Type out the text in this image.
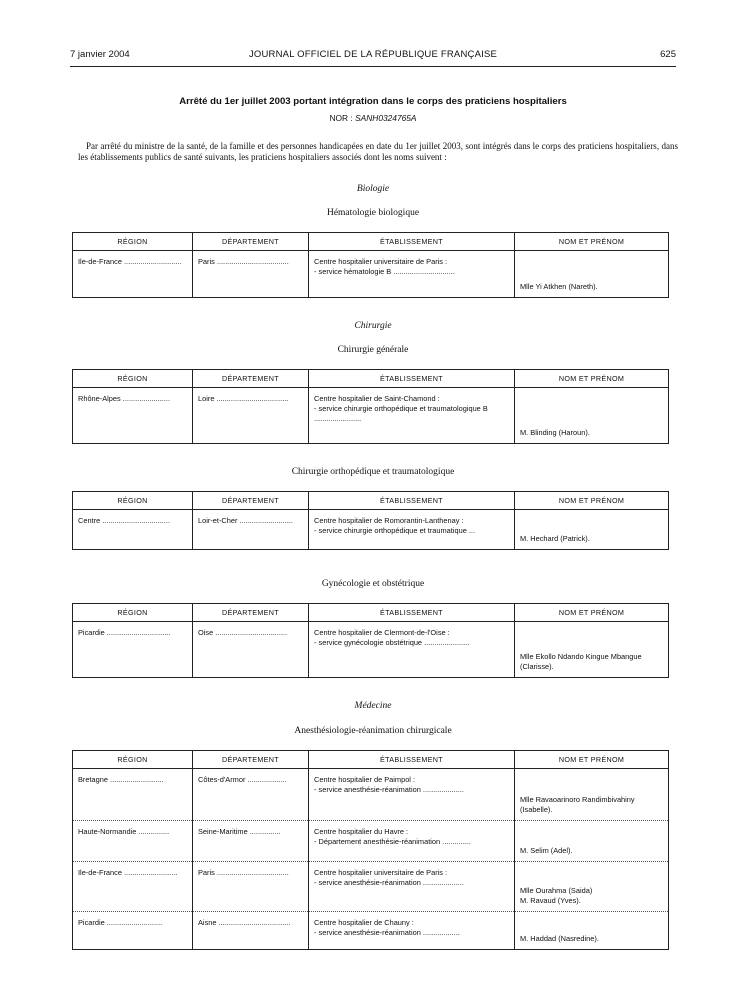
7 janvier 2004	JOURNAL OFFICIEL DE LA RÉPUBLIQUE FRANÇAISE	625
Arrêté du 1er juillet 2003 portant intégration dans le corps des praticiens hospitaliers
NOR : SANH0324765A
Par arrêté du ministre de la santé, de la famille et des personnes handicapées en date du 1er juillet 2003, sont intégrés dans le corps des praticiens hospitaliers, dans les établissements publics de santé suivants, les praticiens hospitaliers associés dont les noms suivent :
Biologie
Hématologie biologique
RÉGION	DÉPARTEMENT	ÉTABLISSEMENT	NOM ET PRÉNOM
Ile-de-France ............................	Paris ...................................	Centre hospitalier universitaire de Paris :
- service hématologie B ..............................	Mlle Yi Atkhen (Nareth).
Chirurgie
Chirurgie générale
RÉGION	DÉPARTEMENT	ÉTABLISSEMENT	NOM ET PRÉNOM
Rhône-Alpes .......................	Loire ...................................	Centre hospitalier de Saint-Chamond :
- service chirurgie orthopédique et traumatologique B .......................	M. Blinding (Haroun).
Chirurgie orthopédique et traumatologique
RÉGION	DÉPARTEMENT	ÉTABLISSEMENT	NOM ET PRÉNOM
Centre .................................	Loir-et-Cher ..........................	Centre hospitalier de Romorantin-Lanthenay :
- service chirurgie orthopédique et traumatique ...	M. Hechard (Patrick).
Gynécologie et obstétrique
RÉGION	DÉPARTEMENT	ÉTABLISSEMENT	NOM ET PRÉNOM
Picardie ...............................	Oise ...................................	Centre hospitalier de Clermont-de-l'Oise :
- service gynécologie obstétrique ......................	Mlle Ekollo Ndando Kingue Mbangue (Clarisse).
Médecine
Anesthésiologie-réanimation chirurgicale
RÉGION	DÉPARTEMENT	ÉTABLISSEMENT	NOM ET PRÉNOM
Bretagne ..........................	Côtes-d'Armor ...................	Centre hospitalier de Paimpol :
- service anesthésie-réanimation ....................	Mlle Ravaoarinoro Randimbivahiny (Isabelle).
Haute-Normandie ...............	Seine-Maritime ...............	Centre hospitalier du Havre :
- Département anesthésie-réanimation ..............	M. Selim (Adel).
Ile-de-France ..........................	Paris ...................................	Centre hospitalier universitaire de Paris :
- service anesthésie-réanimation ....................	Mlle Ourahma (Saida)
M. Ravaud (Yves).

Picardie ...........................	Aisne ...................................	Centre hospitalier de Chauny :
- service anesthésie-réanimation ..................	M. Haddad (Nasredine).
